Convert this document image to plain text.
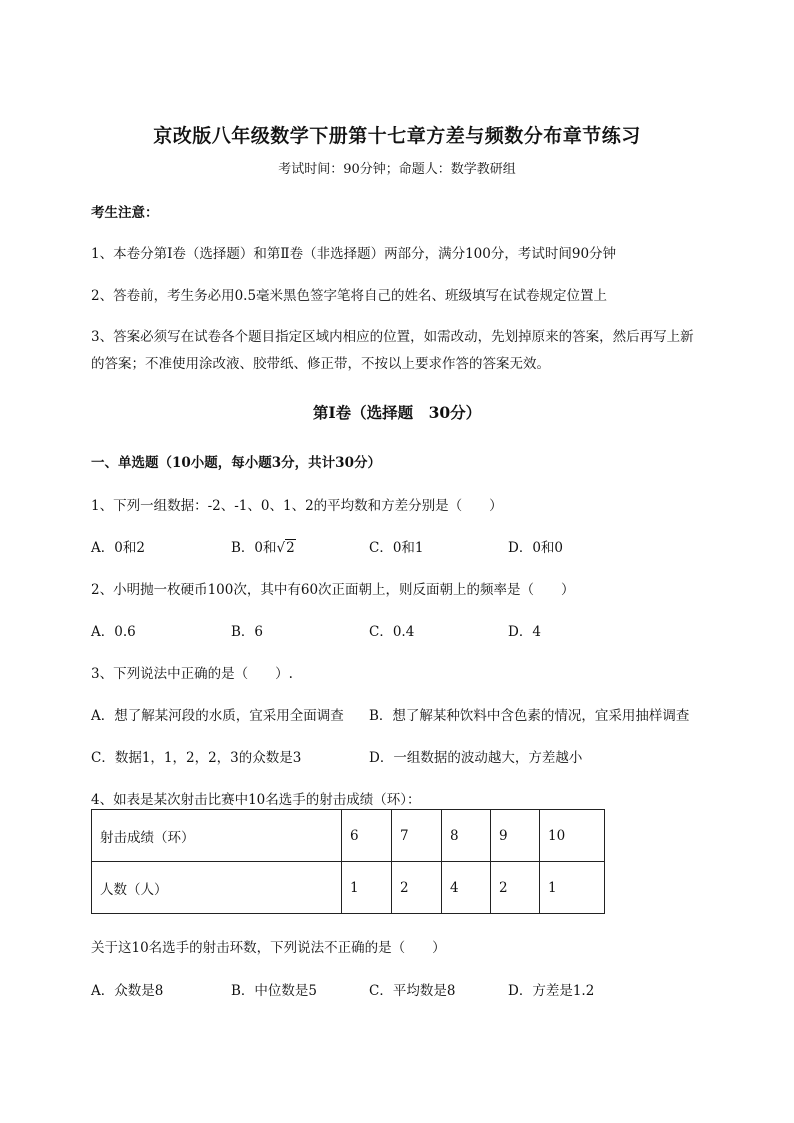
京改版八年级数学下册第十七章方差与频数分布章节练习
考试时间：90分钟；命题人：数学教研组
考生注意：
1、本卷分第Ⅰ卷（选择题）和第Ⅱ卷（非选择题）两部分，满分100分，考试时间90分钟
2、答卷前，考生务必用0.5毫米黑色签字笔将自己的姓名、班级填写在试卷规定位置上
3、答案必须写在试卷各个题目指定区域内相应的位置，如需改动，先划掉原来的答案，然后再写上新
的答案；不准使用涂改液、胶带纸、修正带，不按以上要求作答的答案无效。
第Ⅰ卷（选择题　30分）
一、单选题（10小题，每小题3分，共计30分）
1、下列一组数据：-2、-1、0、1、2的平均数和方差分别是（　　）
A．0和2	B．0和√2	C．0和1	D．0和0
2、小明抛一枚硬币100次，其中有60次正面朝上，则反面朝上的频率是（　　）
A．0.6	B．6	C．0.4	D．4
3、下列说法中正确的是（　　）.
A．想了解某河段的水质，宜采用全面调查 B．想了解某种饮料中含色素的情况，宜采用抽样调查
C．数据1，1，2，2，3的众数是3	D．一组数据的波动越大，方差越小
4、如表是某次射击比赛中10名选手的射击成绩（环）：
射击成绩（环）	6	7	8	9	10
人数（人）	1	2	4	2	1
关于这10名选手的射击环数，下列说法不正确的是（　　）
A．众数是8	B．中位数是5	C．平均数是8	D．方差是1.2
